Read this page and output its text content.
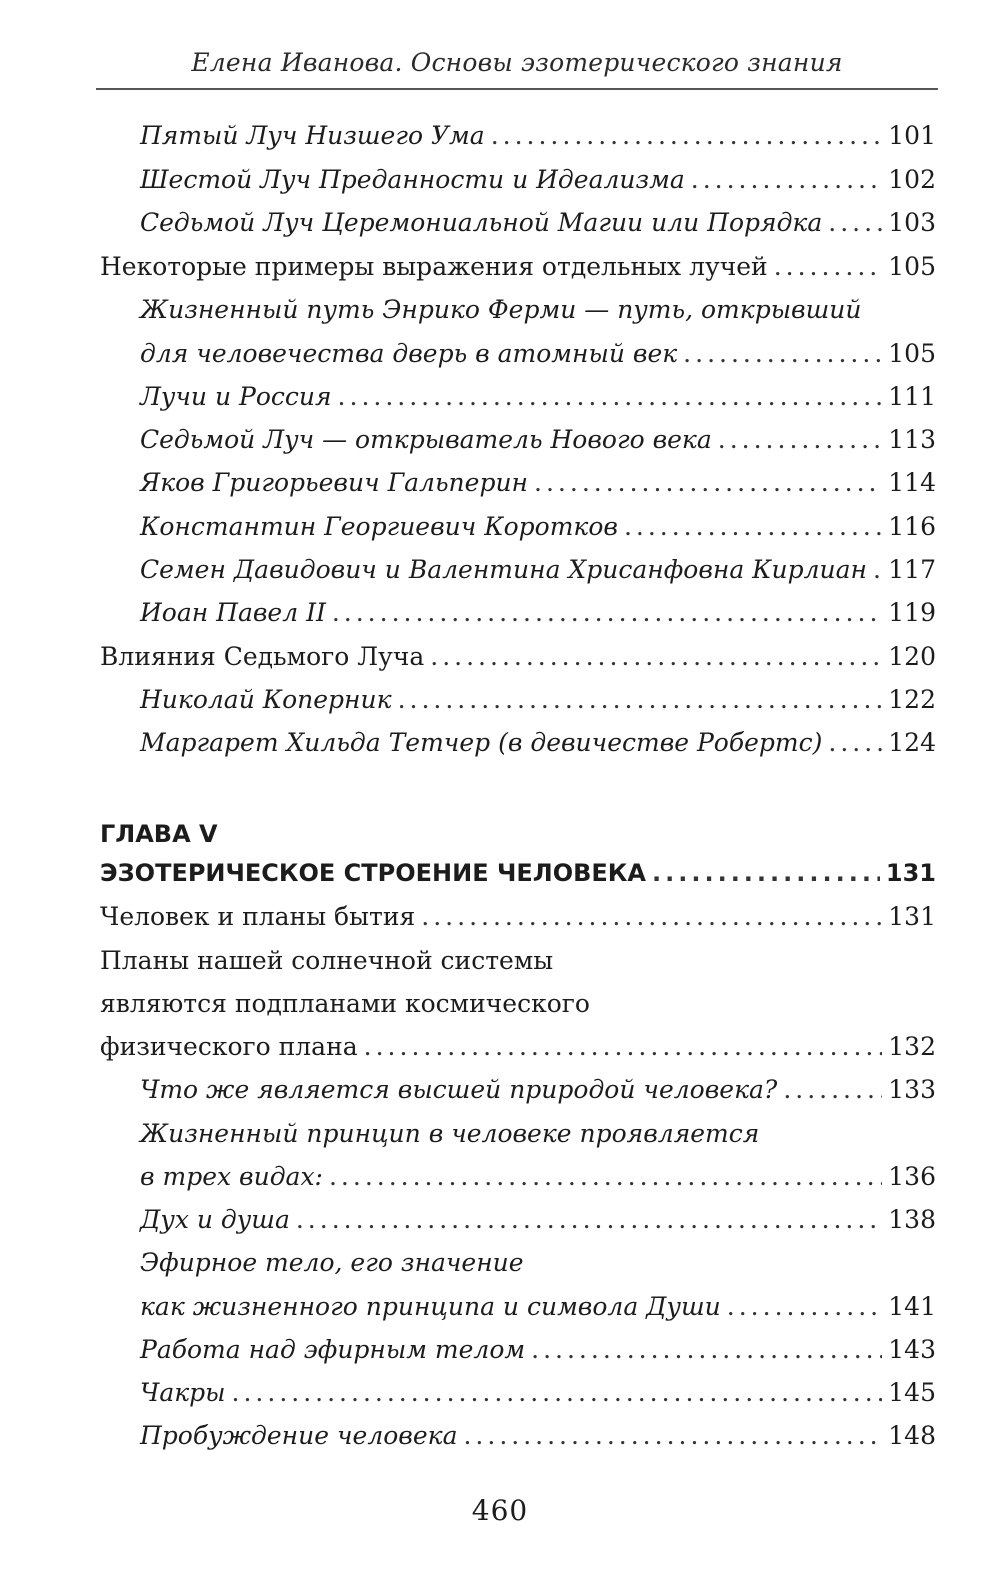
Елена Иванова. Основы эзотерического знания
Пятый Луч Низшего Ума .....	101
Шестой Луч Преданности и Идеализма .....	102
Седьмой Луч Церемониальной Магии или Порядка .....	103
Некоторые примеры выражения отдельных лучей .....	105
Жизненный путь Энрико Ферми — путь, открывший
для человечества дверь в атомный век .....	105
Лучи и Россия .....	111
Седьмой Луч — открыватель Нового века .....	113
Яков Григорьевич Гальперин .....	114
Константин Георгиевич Коротков .....	116
Семен Давидович и Валентина Хрисанфовна Кирлиан ..... 117
Иоан Павел II .....	119
Влияния Седьмого Луча .....	120
Николай Коперник .....	122
Маргарет Хильда Тетчер (в девичестве Робертс) .....	124
ГЛАВА V
ЭЗОТЕРИЧЕСКОЕ СТРОЕНИЕ ЧЕЛОВЕКА .....	131
Человек и планы бытия .....	131
Планы нашей солнечной системы
являются подпланами космического
физического плана .....	132
Что же является высшей природой человека? .....	133
Жизненный принцип в человеке проявляется
в трех видах: .....	136
Дух и душа .....	138
Эфирное тело, его значение
как жизненного принципа и символа Души .....	141
Работа над эфирным телом .....	143
Чакры .....	145
Пробуждение человека .....	148
460
